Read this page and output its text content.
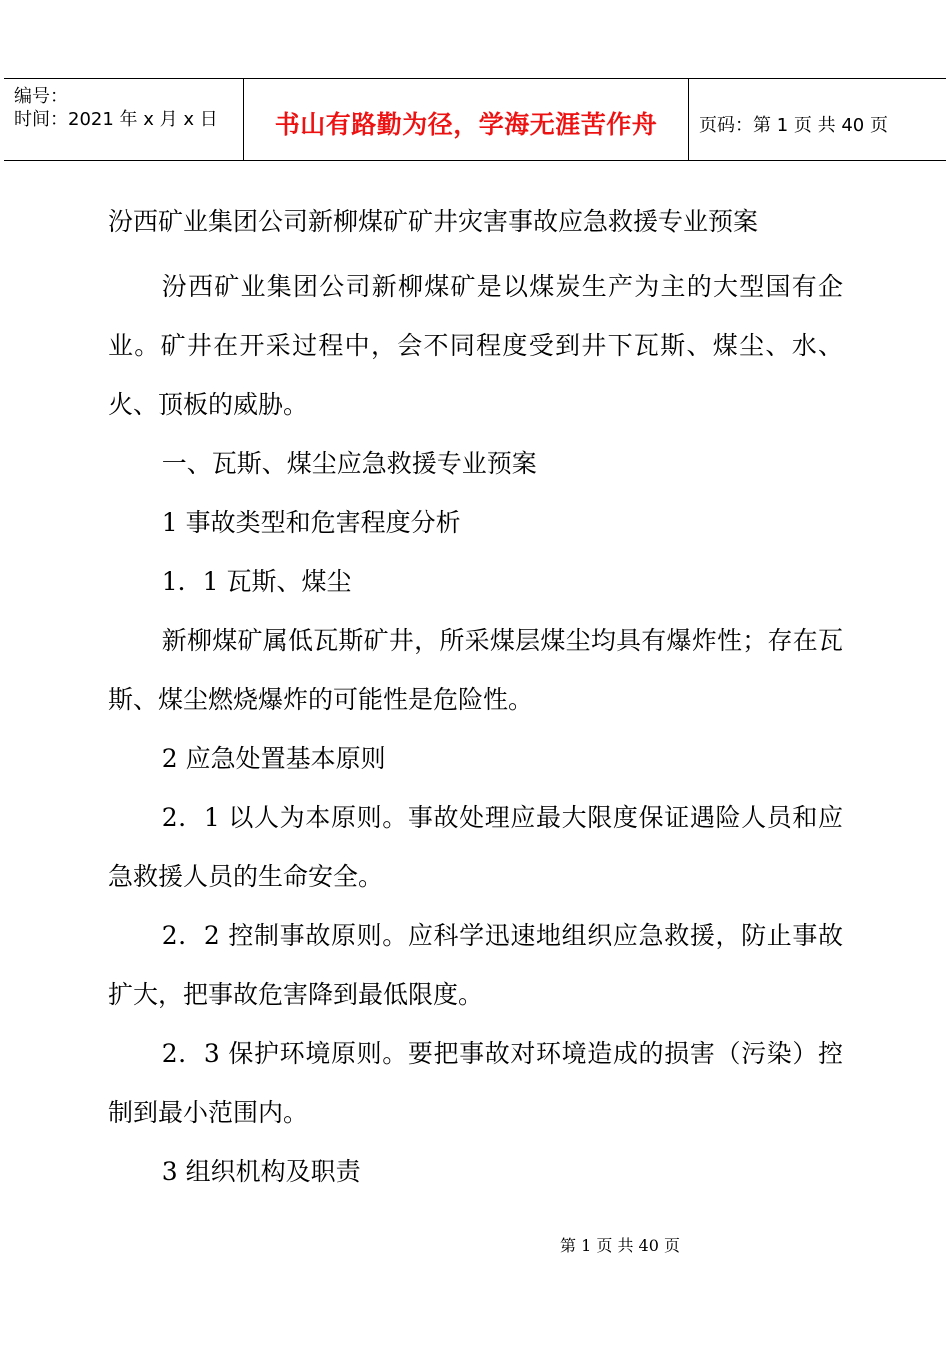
编号：
时间：2021 年 x 月 x 日	书山有路勤为径，学海无涯苦作舟 页码：第 1 页 共 40 页
汾西矿业集团公司新柳煤矿矿井灾害事故应急救援专业预案

汾西矿业集团公司新柳煤矿是以煤炭生产为主的大型国有企业。矿井在开采过程中，会不同程度受到井下瓦斯、煤尘、水、火、顶板的威胁。

一、瓦斯、煤尘应急救援专业预案

1 事故类型和危害程度分析

1．1 瓦斯、煤尘

新柳煤矿属低瓦斯矿井，所采煤层煤尘均具有爆炸性；存在瓦斯、煤尘燃烧爆炸的可能性是危险性。

2 应急处置基本原则

2．1 以人为本原则。事故处理应最大限度保证遇险人员和应急救援人员的生命安全。

2．2 控制事故原则。应科学迅速地组织应急救援，防止事故扩大，把事故危害降到最低限度。

2．3 保护环境原则。要把事故对环境造成的损害（污染）控制到最小范围内。

3 组织机构及职责

第 1 页 共 40 页
